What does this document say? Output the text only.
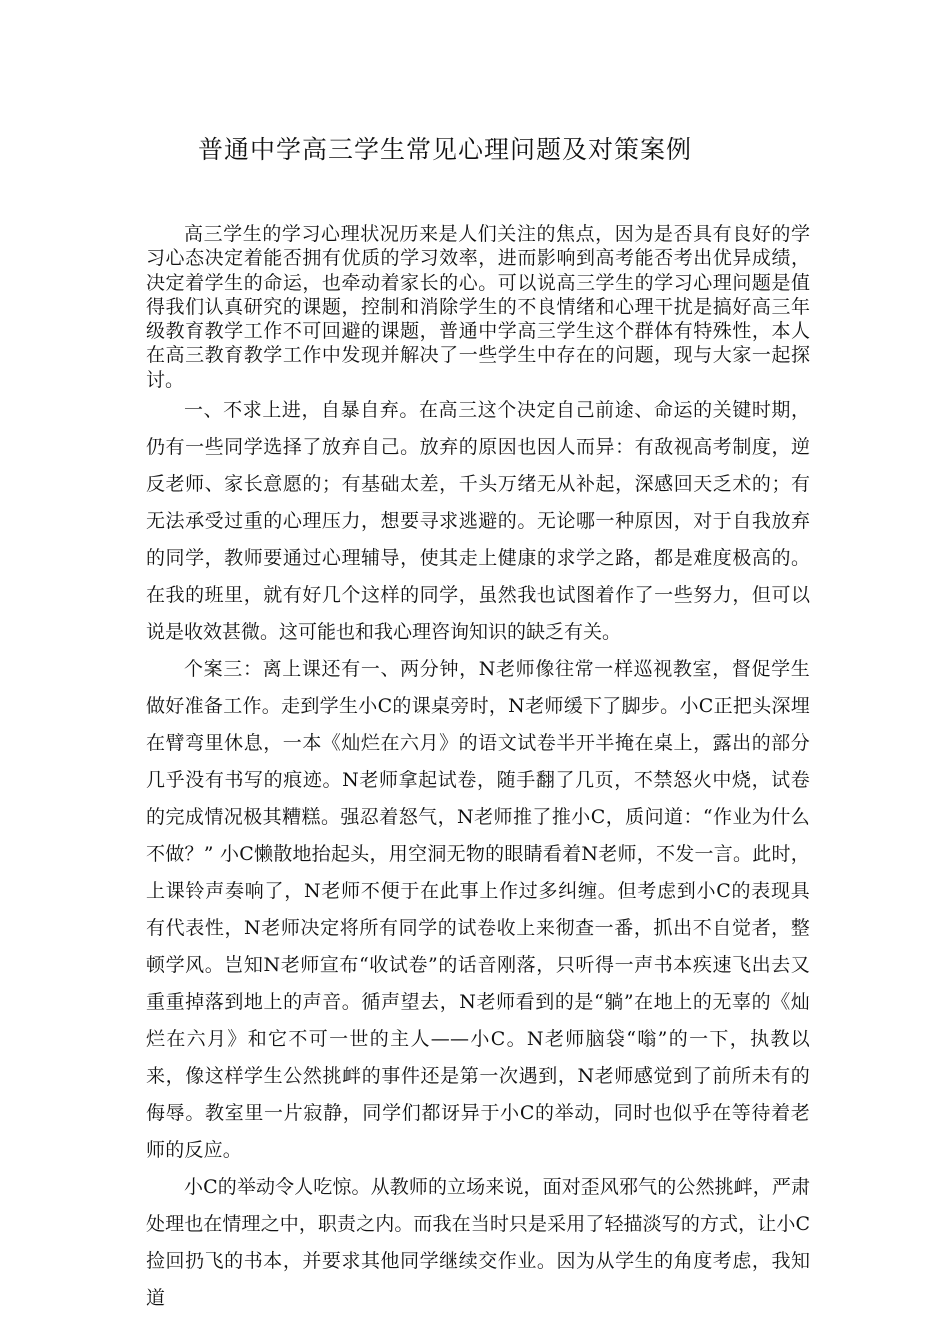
普通中学高三学生常见心理问题及对策案例

高三学生的学习心理状况历来是人们关注的焦点，因为是否具有良好的学习心态决定着能否拥有优质的学习效率，进而影响到高考能否考出优异成绩，决定着学生的命运，也牵动着家长的心。可以说高三学生的学习心理问题是值得我们认真研究的课题，控制和消除学生的不良情绪和心理干扰是搞好高三年级教育教学工作不可回避的课题，普通中学高三学生这个群体有特殊性，本人在高三教育教学工作中发现并解决了一些学生中存在的问题，现与大家一起探讨。

一、不求上进，自暴自弃。在高三这个决定自己前途、命运的关键时期，仍有一些同学选择了放弃自己。放弃的原因也因人而异：有敌视高考制度，逆反老师、家长意愿的；有基础太差，千头万绪无从补起，深感回天乏术的；有无法承受过重的心理压力，想要寻求逃避的。无论哪一种原因，对于自我放弃的同学，教师要通过心理辅导，使其走上健康的求学之路，都是难度极高的。在我的班里，就有好几个这样的同学，虽然我也试图着作了一些努力，但可以说是收效甚微。这可能也和我心理咨询知识的缺乏有关。

个案三：离上课还有一、两分钟，N老师像往常一样巡视教室，督促学生做好准备工作。走到学生小C的课桌旁时，N老师缓下了脚步。小C正把头深埋在臂弯里休息，一本《灿烂在六月》的语文试卷半开半掩在桌上，露出的部分几乎没有书写的痕迹。N老师拿起试卷，随手翻了几页，不禁怒火中烧，试卷的完成情况极其糟糕。强忍着怒气，N老师推了推小C，质问道：“作业为什么不做？” 小C懒散地抬起头，用空洞无物的眼睛看着N老师，不发一言。此时，上课铃声奏响了，N老师不便于在此事上作过多纠缠。但考虑到小C的表现具有代表性，N老师决定将所有同学的试卷收上来彻查一番，抓出不自觉者，整顿学风。岂知N老师宣布“收试卷”的话音刚落，只听得一声书本疾速飞出去又重重掉落到地上的声音。循声望去，N老师看到的是“躺”在地上的无辜的《灿烂在六月》和它不可一世的主人——小C。N老师脑袋“嗡”的一下，执教以来，像这样学生公然挑衅的事件还是第一次遇到，N老师感觉到了前所未有的侮辱。教室里一片寂静，同学们都讶异于小C的举动，同时也似乎在等待着老师的反应。

小C的举动令人吃惊。从教师的立场来说，面对歪风邪气的公然挑衅，严肃处理也在情理之中，职责之内。而我在当时只是采用了轻描淡写的方式，让小C捡回扔飞的书本，并要求其他同学继续交作业。因为从学生的角度考虑，我知道
